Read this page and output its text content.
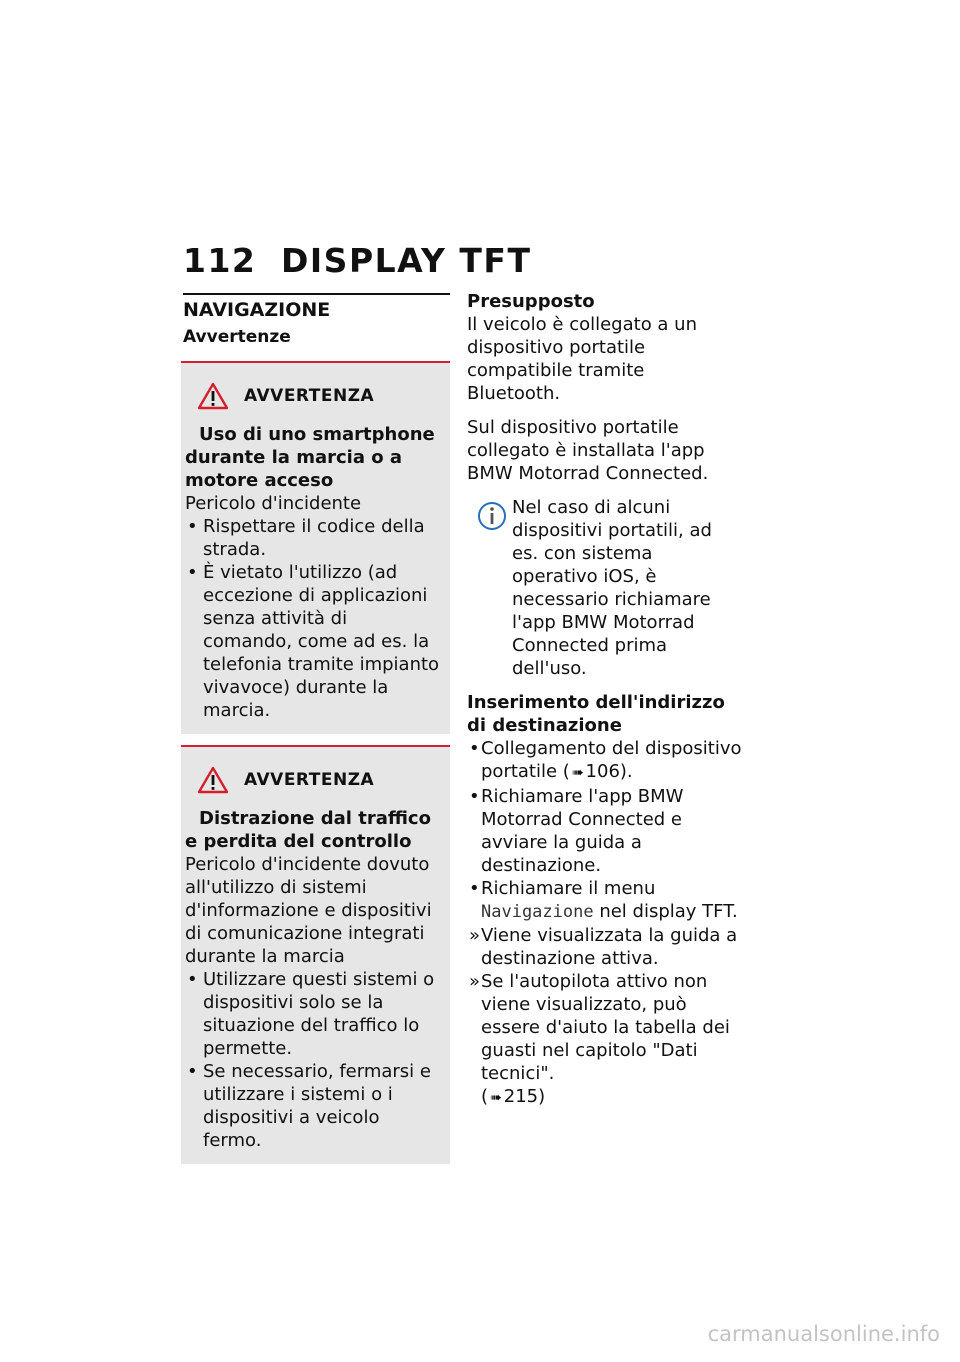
112 DISPLAY TFT
NAVIGAZIONE
Avvertenze
AVVERTENZA
Uso di uno smartphone durante la marcia o a motore acceso
Pericolo d'incidente
• Rispettare il codice della strada.
• È vietato l'utilizzo (ad eccezione di applicazioni senza attività di comando, come ad es. la telefonia tramite impianto vivavoce) durante la marcia.
AVVERTENZA
Distrazione dal traffico e perdita del controllo
Pericolo d'incidente dovuto all'utilizzo di sistemi d'informazione e dispositivi di comunicazione integrati durante la marcia
• Utilizzare questi sistemi o dispositivi solo se la situazione del traffico lo permette.
• Se necessario, fermarsi e utilizzare i sistemi o i dispositivi a veicolo fermo.
Presupposto
Il veicolo è collegato a un dispositivo portatile compatibile tramite Bluetooth.
Sul dispositivo portatile collegato è installata l'app BMW Motorrad Connected.
Nel caso di alcuni dispositivi portatili, ad es. con sistema operativo iOS, è necessario richiamare l'app BMW Motorrad Connected prima dell'uso.
Inserimento dell'indirizzo di destinazione
• Collegamento del dispositivo portatile ( ➠ 106).
• Richiamare l'app BMW Motorrad Connected e avviare la guida a destinazione.
• Richiamare il menu Navigazione nel display TFT.
» Viene visualizzata la guida a destinazione attiva.
» Se l'autopilota attivo non viene visualizzato, può essere d'aiuto la tabella dei guasti nel capitolo "Dati tecnici".
( ➠ 215)
carmanualsonline.info
